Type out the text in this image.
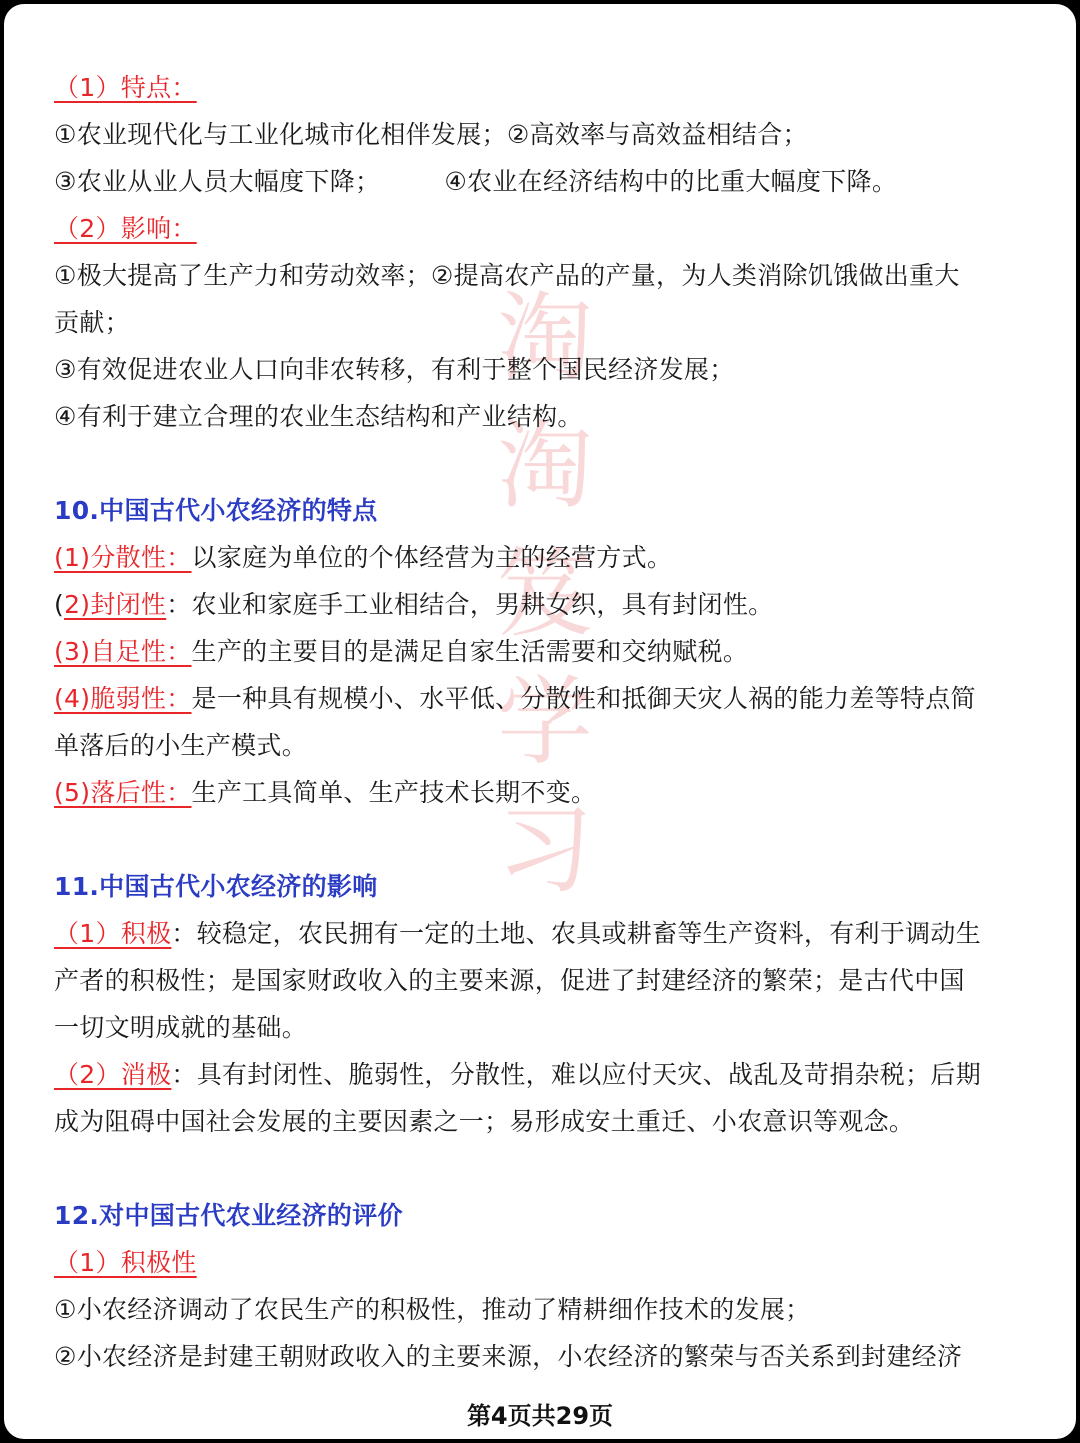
淘
淘
笈
学
习
（1）特点：
①农业现代化与工业化城市化相伴发展；②高效率与高效益相结合；
③农业从业人员大幅度下降；	④农业在经济结构中的比重大幅度下降。
（2）影响：
①极大提高了生产力和劳动效率；②提高农产品的产量，为人类消除饥饿做出重大
贡献；
③有效促进农业人口向非农转移，有利于整个国民经济发展；
④有利于建立合理的农业生态结构和产业结构。
10.中国古代小农经济的特点
(1)分散性：以家庭为单位的个体经营为主的经营方式。
(2)封闭性：农业和家庭手工业相结合，男耕女织，具有封闭性。
(3)自足性：生产的主要目的是满足自家生活需要和交纳赋税。
(4)脆弱性：是一种具有规模小、水平低、分散性和抵御天灾人祸的能力差等特点简
单落后的小生产模式。
(5)落后性：生产工具简单、生产技术长期不变。
11.中国古代小农经济的影响
（1）积极：较稳定，农民拥有一定的土地、农具或耕畜等生产资料，有利于调动生
产者的积极性；是国家财政收入的主要来源，促进了封建经济的繁荣；是古代中国
一切文明成就的基础。
（2）消极：具有封闭性、脆弱性，分散性，难以应付天灾、战乱及苛捐杂税；后期
成为阻碍中国社会发展的主要因素之一；易形成安土重迁、小农意识等观念。
12.对中国古代农业经济的评价
（1）积极性
①小农经济调动了农民生产的积极性，推动了精耕细作技术的发展；
②小农经济是封建王朝财政收入的主要来源，小农经济的繁荣与否关系到封建经济
第4页共29页
